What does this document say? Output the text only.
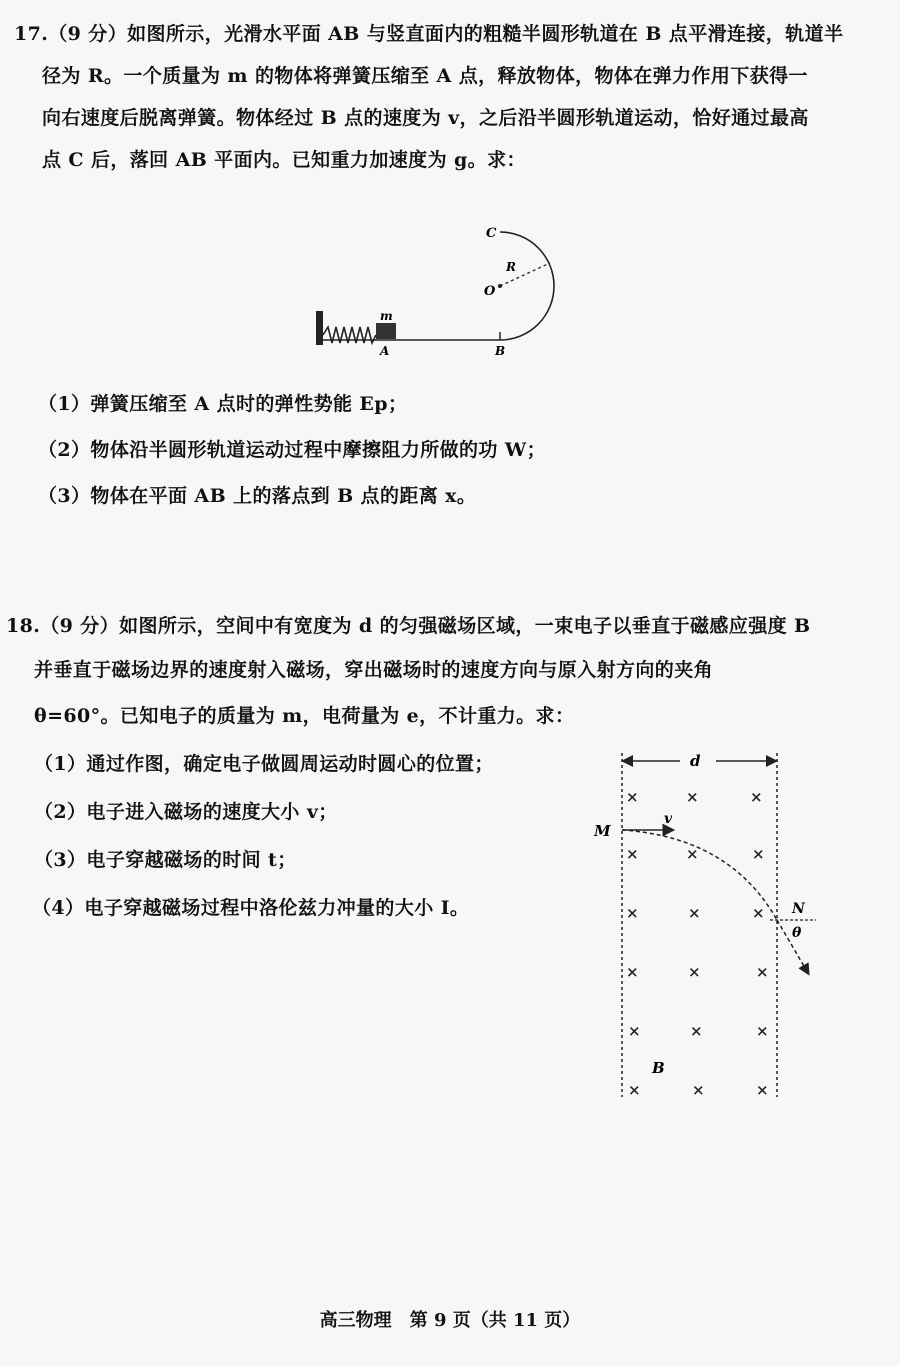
17.（9 分）如图所示，光滑水平面 AB 与竖直面内的粗糙半圆形轨道在 B 点平滑连接，轨道半
径为 R。一个质量为 m 的物体将弹簧压缩至 A 点，释放物体，物体在弹力作用下获得一
向右速度后脱离弹簧。物体经过 B 点的速度为 v，之后沿半圆形轨道运动，恰好通过最高
点 C 后，落回 AB 平面内。已知重力加速度为 g。求：
m
C
R
O
A	B
（1）弹簧压缩至 A 点时的弹性势能 Ep；
（2）物体沿半圆形轨道运动过程中摩擦阻力所做的功 W；
（3）物体在平面 AB 上的落点到 B 点的距离 x。
18.（9 分）如图所示，空间中有宽度为 d 的匀强磁场区域，一束电子以垂直于磁感应强度 B
并垂直于磁场边界的速度射入磁场，穿出磁场时的速度方向与原入射方向的夹角
θ=60°。已知电子的质量为 m，电荷量为 e，不计重力。求：
（1）通过作图，确定电子做圆周运动时圆心的位置；
（2）电子进入磁场的速度大小 v；
（3）电子穿越磁场的时间 t；
（4）电子穿越磁场过程中洛伦兹力冲量的大小 I。
d
×	×	×
×	×	×
×	×	×
×	×	×
×	×	×
×	×	×
M
v
N
θ
B
高三物理　第 9 页（共 11 页）
